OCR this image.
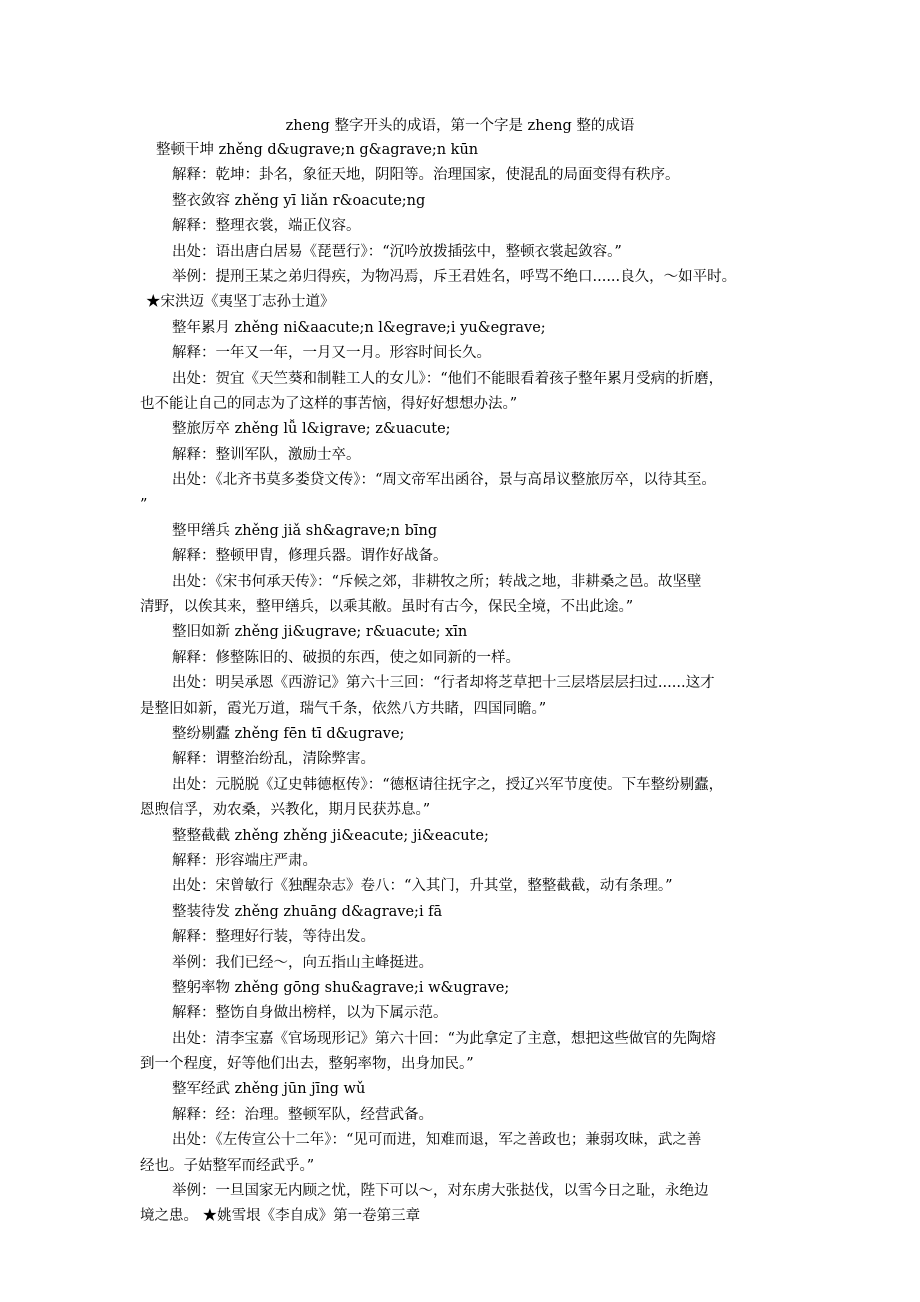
zheng 整字开头的成语，第一个字是 zheng 整的成语
整顿干坤 zhěng d&ugrave;n g&agrave;n kūn
解释：乾坤：卦名，象征天地，阴阳等。治理国家，使混乱的局面变得有秩序。
整衣敛容 zhěng yī liǎn r&oacute;ng
解释：整理衣裳，端正仪容。
出处：语出唐白居易《琵琶行》：“沉吟放拨插弦中，整顿衣裳起敛容。”
举例：提刑王某之弟归得疾，为物冯焉，斥王君姓名，呼骂不绝口......良久，～如平时。
★宋洪迈《夷坚丁志孙士道》
整年累月 zhěng ni&aacute;n l&egrave;i yu&egrave;
解释：一年又一年，一月又一月。形容时间长久。
出处：贺宜《天竺葵和制鞋工人的女儿》：“他们不能眼看着孩子整年累月受病的折磨，
也不能让自己的同志为了这样的事苦恼，得好好想想办法。”
整旅厉卒 zhěng lǚ l&igrave; z&uacute;
解释：整训军队，激励士卒。
出处：《北齐书莫多娄贷文传》：“周文帝军出函谷，景与高昂议整旅厉卒，以待其至。
”
整甲缮兵 zhěng jiǎ sh&agrave;n bīng
解释：整顿甲胄，修理兵器。谓作好战备。
出处：《宋书何承天传》：“斥候之郊，非耕牧之所；转战之地，非耕桑之邑。故坚壁
清野，以俟其来，整甲缮兵，以乘其敝。虽时有古今，保民全境，不出此途。”
整旧如新 zhěng ji&ugrave; r&uacute; xīn
解释：修整陈旧的、破损的东西，使之如同新的一样。
出处：明吴承恩《西游记》第六十三回：“行者却将芝草把十三层塔层层扫过......这才
是整旧如新，霞光万道，瑞气千条，依然八方共睹，四国同瞻。”
整纷剔蠹 zhěng fēn tī d&ugrave;
解释：谓整治纷乱，清除弊害。
出处：元脱脱《辽史韩德枢传》：“德枢请往抚字之，授辽兴军节度使。下车整纷剔蠹，
恩煦信孚，劝农桑，兴教化，期月民获苏息。”
整整截截 zhěng zhěng ji&eacute; ji&eacute;
解释：形容端庄严肃。
出处：宋曾敏行《独醒杂志》卷八：“入其门，升其堂，整整截截，动有条理。”
整装待发 zhěng zhuāng d&agrave;i fā
解释：整理好行装，等待出发。
举例：我们已经～，向五指山主峰挺进。
整躬率物 zhěng gōng shu&agrave;i w&ugrave;
解释：整饬自身做出榜样，以为下属示范。
出处：清李宝嘉《官场现形记》第六十回：“为此拿定了主意，想把这些做官的先陶熔
到一个程度，好等他们出去，整躬率物，出身加民。”
整军经武 zhěng jūn jīng wǔ
解释：经：治理。整顿军队，经营武备。
出处：《左传宣公十二年》：“见可而进，知难而退，军之善政也；兼弱攻昧，武之善
经也。子姑整军而经武乎。”
举例：一旦国家无内顾之忧，陛下可以～，对东虏大张挞伐，以雪今日之耻，永绝边
境之患。 ★姚雪垠《李自成》第一卷第三章
